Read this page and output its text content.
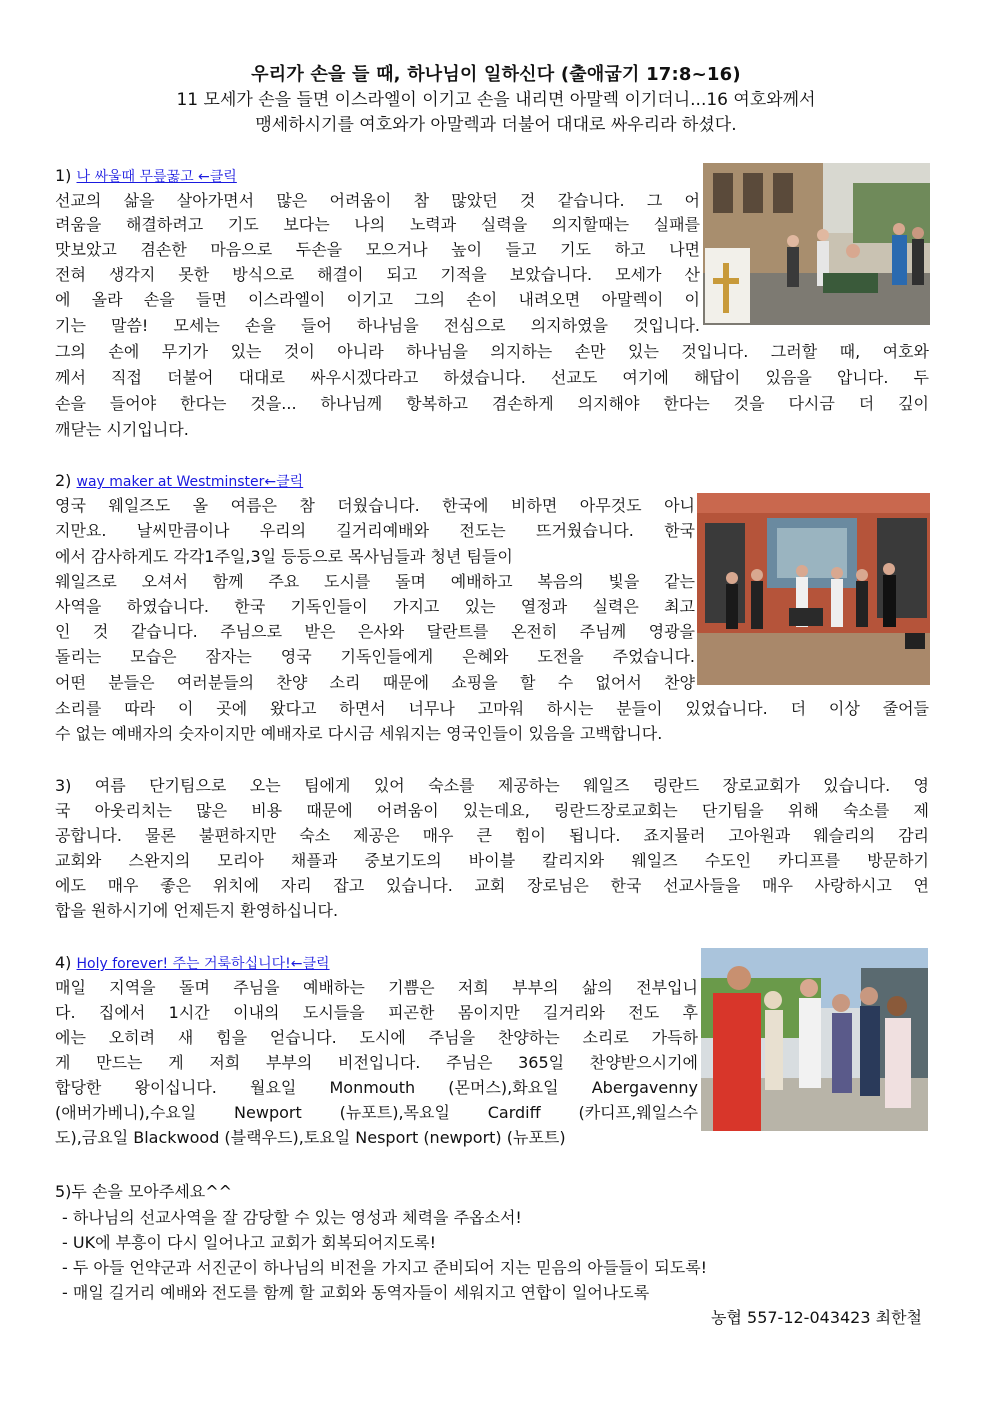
우리가 손을 들 때, 하나님이 일하신다 (출애굽기 17:8~16)
11 모세가 손을 들면 이스라엘이 이기고 손을 내리면 아말렉 이기더니...16 여호와께서
맹세하시기를 여호와가 아말렉과 더불어 대대로 싸우리라 하셨다.
1) 나 싸울때 무릎꿇고 ←클릭
선교의 삶을 살아가면서 많은 어려움이 참 많았던 것 같습니다. 그 어
려움을 해결하려고 기도 보다는 나의 노력과 실력을 의지할때는 실패를
맛보았고 겸손한 마음으로 두손을 모으거나 높이 들고 기도 하고 나면
전혀 생각지 못한 방식으로 해결이 되고 기적을 보았습니다. 모세가 산
에 올라 손을 들면 이스라엘이 이기고 그의 손이 내려오면 아말렉이 이
기는 말씀! 모세는 손을 들어 하나님을 전심으로 의지하였을 것입니다.
그의 손에 무기가 있는 것이 아니라 하나님을 의지하는 손만 있는 것입니다. 그러할 때, 여호와
께서 직접 더불어 대대로 싸우시겠다라고 하셨습니다. 선교도 여기에 해답이 있음을 압니다. 두
손을 들어야 한다는 것을... 하나님께 항복하고 겸손하게 의지해야 한다는 것을 다시금 더 깊이
깨닫는 시기입니다.
2) way maker at Westminster←클릭
영국 웨일즈도 올 여름은 참 더웠습니다. 한국에 비하면 아무것도 아니
지만요. 날씨만큼이나 우리의 길거리예배와 전도는 뜨거웠습니다. 한국
에서 감사하게도 각각1주일,3일 등등으로 목사님들과 청년 팀들이
웨일즈로 오셔서 함께 주요 도시를 돌며 예배하고 복음의 빛을 같는
사역을 하였습니다. 한국 기독인들이 가지고 있는 열정과 실력은 최고
인 것 같습니다. 주님으로 받은 은사와 달란트를 온전히 주님께 영광을
돌리는 모습은 잠자는 영국 기독인들에게 은혜와 도전을 주었습니다.
어떤 분들은 여러분들의 찬양 소리 때문에 쇼핑을 할 수 없어서 찬양
소리를 따라 이 곳에 왔다고 하면서 너무나 고마워 하시는 분들이 있었습니다. 더 이상 줄어들
수 없는 예배자의 숫자이지만 예배자로 다시금 세워지는 영국인들이 있음을 고백합니다.
3) 여름 단기팀으로 오는 팀에게 있어 숙소를 제공하는 웨일즈 링란드 장로교회가 있습니다. 영
국 아웃리치는 많은 비용 때문에 어려움이 있는데요, 링란드장로교회는 단기팀을 위해 숙소를 제
공합니다. 물론 불편하지만 숙소 제공은 매우 큰 힘이 됩니다. 죠지뮬러 고아원과 웨슬리의 감리
교회와 스완지의 모리아 채플과 중보기도의 바이블 칼리지와 웨일즈 수도인 카디프를 방문하기
에도 매우 좋은 위치에 자리 잡고 있습니다. 교회 장로님은 한국 선교사들을 매우 사랑하시고 연
합을 원하시기에 언제든지 환영하십니다.
4) Holy forever! 주는 거룩하십니다!←클릭
매일 지역을 돌며 주님을 예배하는 기쁨은 저희 부부의 삶의 전부입니
다. 집에서 1시간 이내의 도시들을 피곤한 몸이지만 길거리와 전도 후
에는 오히려 새 힘을 얻습니다. 도시에 주님을 찬양하는 소리로 가득하
게 만드는 게 저희 부부의 비전입니다. 주님은 365일 찬양받으시기에
합당한 왕이십니다. 월요일 Monmouth (몬머스),화요일 Abergavenny
(애버가베니),수요일 Newport (뉴포트),목요일 Cardiff (카디프,웨일스수
도),금요일 Blackwood (블랙우드),토요일 Nesport (newport) (뉴포트)
5)두 손을 모아주세요^^
- 하나님의 선교사역을 잘 감당할 수 있는 영성과 체력을 주옵소서!
- UK에 부흥이 다시 일어나고 교회가 회복되어지도록!
- 두 아들 언약군과 서진군이 하나님의 비전을 가지고 준비되어 지는 믿음의 아들들이 되도록!
- 매일 길거리 예배와 전도를 함께 할 교회와 동역자들이 세워지고 연합이 일어나도록
농협 557-12-043423 최한철
